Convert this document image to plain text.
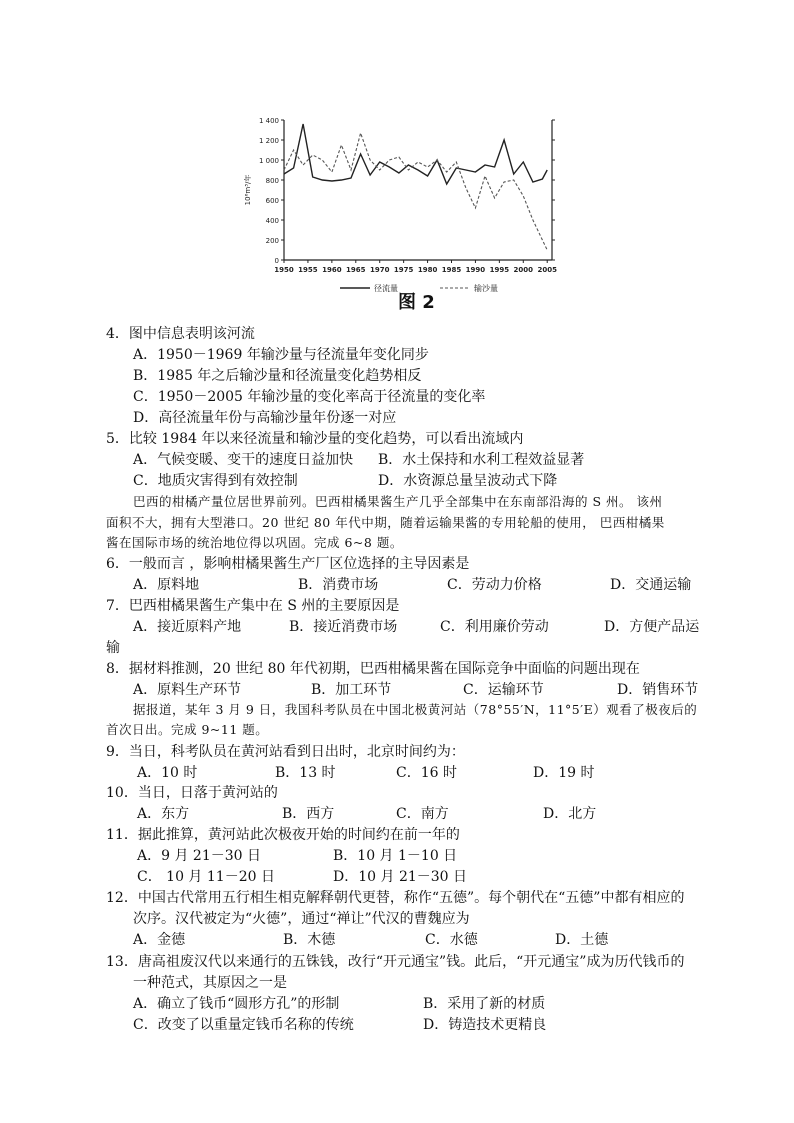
1 400
1 200
1 000
800
600
400
200
0
10⁶m³/年
1950 1955 1960 1965 1970 1975 1980 1985 1990 1995 2000 2005
径流量	输沙量
图 2
4．图中信息表明该河流
A．1950－1969 年输沙量与径流量年变化同步
B．1985 年之后输沙量和径流量变化趋势相反
C．1950－2005 年输沙量的变化率高于径流量的变化率
D．高径流量年份与高输沙量年份逐一对应
5．比较 1984 年以来径流量和输沙量的变化趋势，可以看出流域内
A．气候变暖、变干的速度日益加快 B．水土保持和水利工程效益显著
C．地质灾害得到有效控制	D．水资源总量呈波动式下降
巴西的柑橘产量位居世界前列。巴西柑橘果酱生产几乎全部集中在东南部沿海的 S 州。 该州
面积不大，拥有大型港口。20 世纪 80 年代中期，随着运输果酱的专用轮船的使用， 巴西柑橘果
酱在国际市场的统治地位得以巩固。完成 6~8 题。
6．一般而言 ，影响柑橘果酱生产厂区位选择的主导因素是
A．原料地	B．消费市场	C．劳动力价格	D．交通运输
7．巴西柑橘果酱生产集中在 S 州的主要原因是
A．接近原料产地	B．接近消费市场	C．利用廉价劳动	D．方便产品运
输
8．据材料推测，20 世纪 80 年代初期，巴西柑橘果酱在国际竞争中面临的问题出现在
A．原料生产环节	B．加工环节	C．运输环节	D．销售环节
据报道，某年 3 月 9 日，我国科考队员在中国北极黄河站（78°55′N，11°5′E）观看了极夜后的
首次日出。完成 9~11 题。
9．当日，科考队员在黄河站看到日出时，北京时间约为：
A．10 时	B．13 时	C．16 时	D．19 时
10．当日，日落于黄河站的
A．东方	B．西方	C．南方	D．北方
11．据此推算，黄河站此次极夜开始的时间约在前一年的
A．9 月 21－30 日	B．10 月 1－10 日
C． 10 月 11－20 日	D．10 月 21－30 日
12．中国古代常用五行相生相克解释朝代更替，称作“五德”。每个朝代在“五德”中都有相应的
次序。汉代被定为“火德”，通过“禅让”代汉的曹魏应为
A．金德	B．木德	C．水德	D．土德
13．唐高祖废汉代以来通行的五铢钱，改行“开元通宝”钱。此后，“开元通宝”成为历代钱币的
一种范式，其原因之一是
A．确立了钱币“圆形方孔”的形制	B．采用了新的材质
C．改变了以重量定钱币名称的传统	D．铸造技术更精良
